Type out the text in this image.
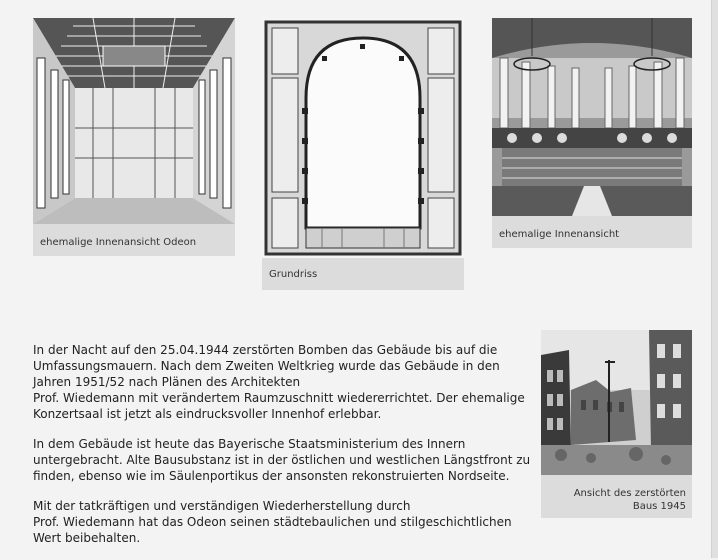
ehemalige Innenansicht Odeon
Grundriss
ehemalige Innenansicht

In der Nacht auf den 25.04.1944 zerstörten Bomben das Gebäude bis auf die
Umfassungsmauern. Nach dem Zweiten Weltkrieg wurde das Gebäude in den
Jahren 1951/52 nach Plänen des Architekten
Prof. Wiedemann mit verändertem Raumzuschnitt wiedererrichtet. Der ehemalige
Konzertsaal ist jetzt als eindrucksvoller Innenhof erlebbar.

In dem Gebäude ist heute das Bayerische Staatsministerium des Innern
untergebracht. Alte Bausubstanz ist in der östlichen und westlichen Längstfront zu
finden, ebenso wie im Säulenportikus der ansonsten rekonstruierten Nordseite.

Mit der tatkräftigen und verständigen Wiederherstellung durch
Prof. Wiedemann hat das Odeon seinen städtebaulichen und stilgeschichtlichen
Wert beibehalten.

Ansicht des zerstörten
Baus 1945
